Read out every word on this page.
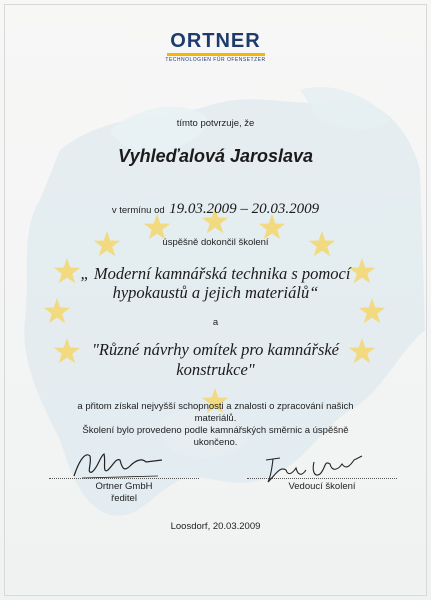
ORTNER
TECHNOLOGIEN FÜR OFENSETZER
tímto potvrzuje, že
Vyhleďalová Jaroslava
v termínu od 19.03.2009 – 20.03.2009
úspěšně dokončil školení
„ Moderní kamnářská technika s pomocí
hypokaustů a jejich materiálů“
a
"Různé návrhy omítek pro kamnářské
konstrukce"
a přitom získal nejvyšší schopnosti a znalosti o zpracování našich
materiálů.
Školení bylo provedeno podle kamnářských směrnic a úspěšně
ukončeno.
Ortner GmbH
ředitel
Vedoucí školení
Loosdorf, 20.03.2009
